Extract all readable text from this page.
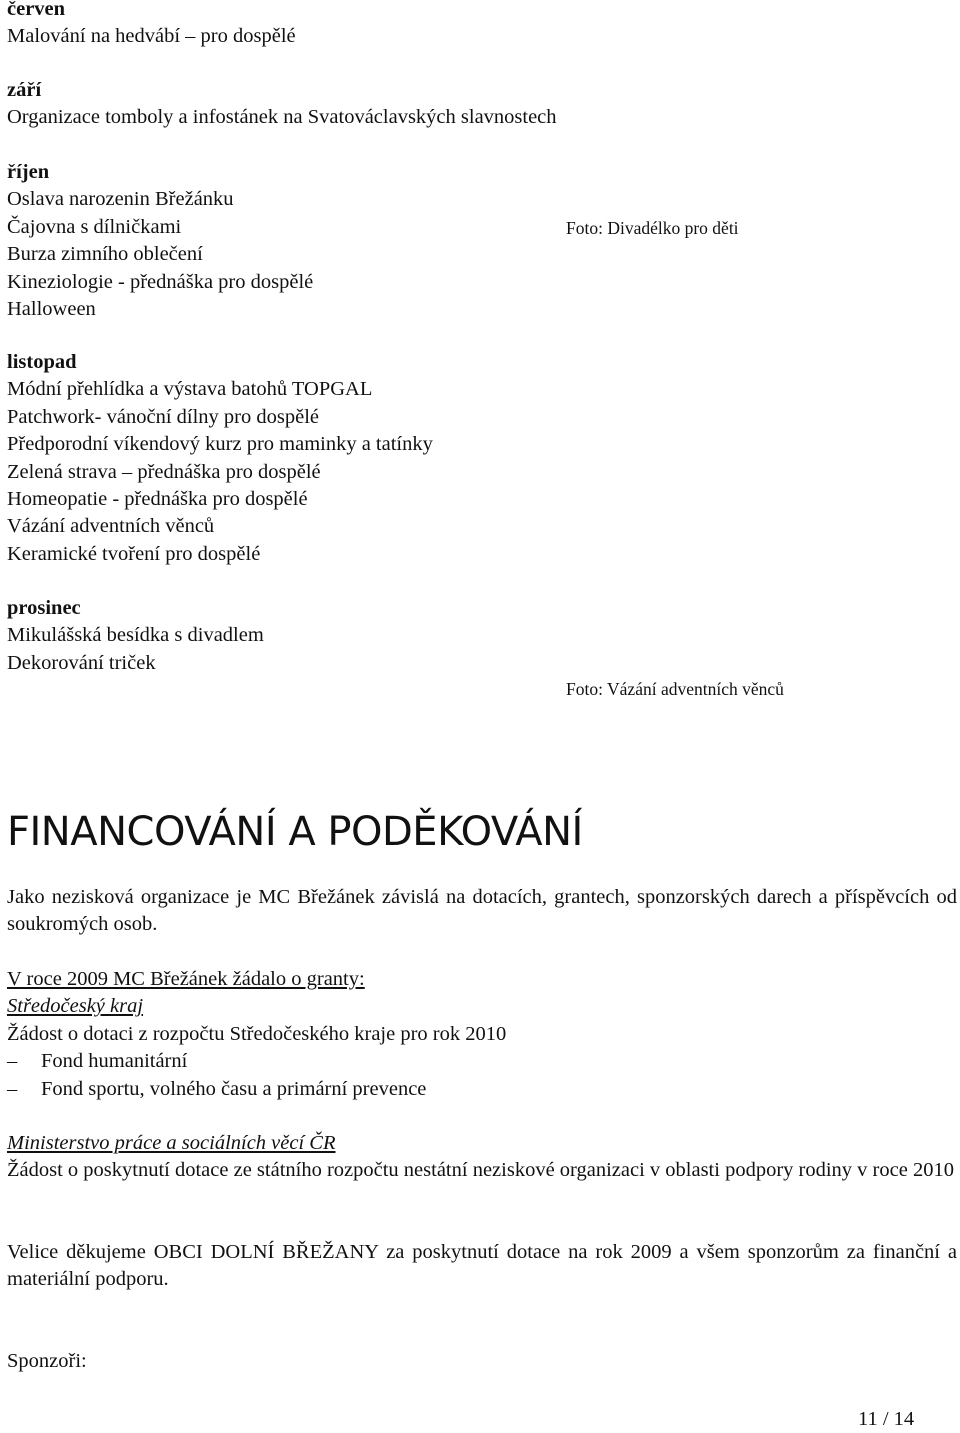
červen

Malování na hedvábí – pro dospělé

září

Organizace tomboly a infostánek na Svatováclavských slavnostech

říjen

Oslava narozenin Břežánku

Čajovna s dílničkami

Burza zimního oblečení

Kineziologie - přednáška pro dospělé

Halloween

Foto: Divadélko pro děti

listopad

Módní přehlídka a výstava batohů TOPGAL

Patchwork- vánoční dílny pro dospělé

Předporodní víkendový kurz pro maminky a tatínky

Zelená strava – přednáška pro dospělé

Homeopatie - přednáška pro dospělé

Vázání adventních věnců

Keramické tvoření pro dospělé

prosinec

Mikulášská besídka s divadlem

Dekorování triček

Foto: Vázání adventních věnců
FINANCOVÁNÍ A PODĚKOVÁNÍ

Jako nezisková organizace je MC Břežánek závislá na dotacích, grantech, sponzorských darech a příspěvcích od soukromých osob.

V roce 2009 MC Břežánek žádalo o granty:

Středočeský kraj

Žádost o dotaci z rozpočtu Středočeského kraje pro rok 2010

– Fond humanitární

– Fond sportu, volného času a primární prevence

Ministerstvo práce a sociálních věcí ČR

Žádost o poskytnutí dotace ze státního rozpočtu nestátní neziskové organizaci v oblasti podpory rodiny v roce 2010

Velice děkujeme OBCI DOLNÍ BŘEŽANY za poskytnutí dotace na rok 2009 a všem sponzorům za finanční a materiální podporu.

Sponzoři:
11 / 14
